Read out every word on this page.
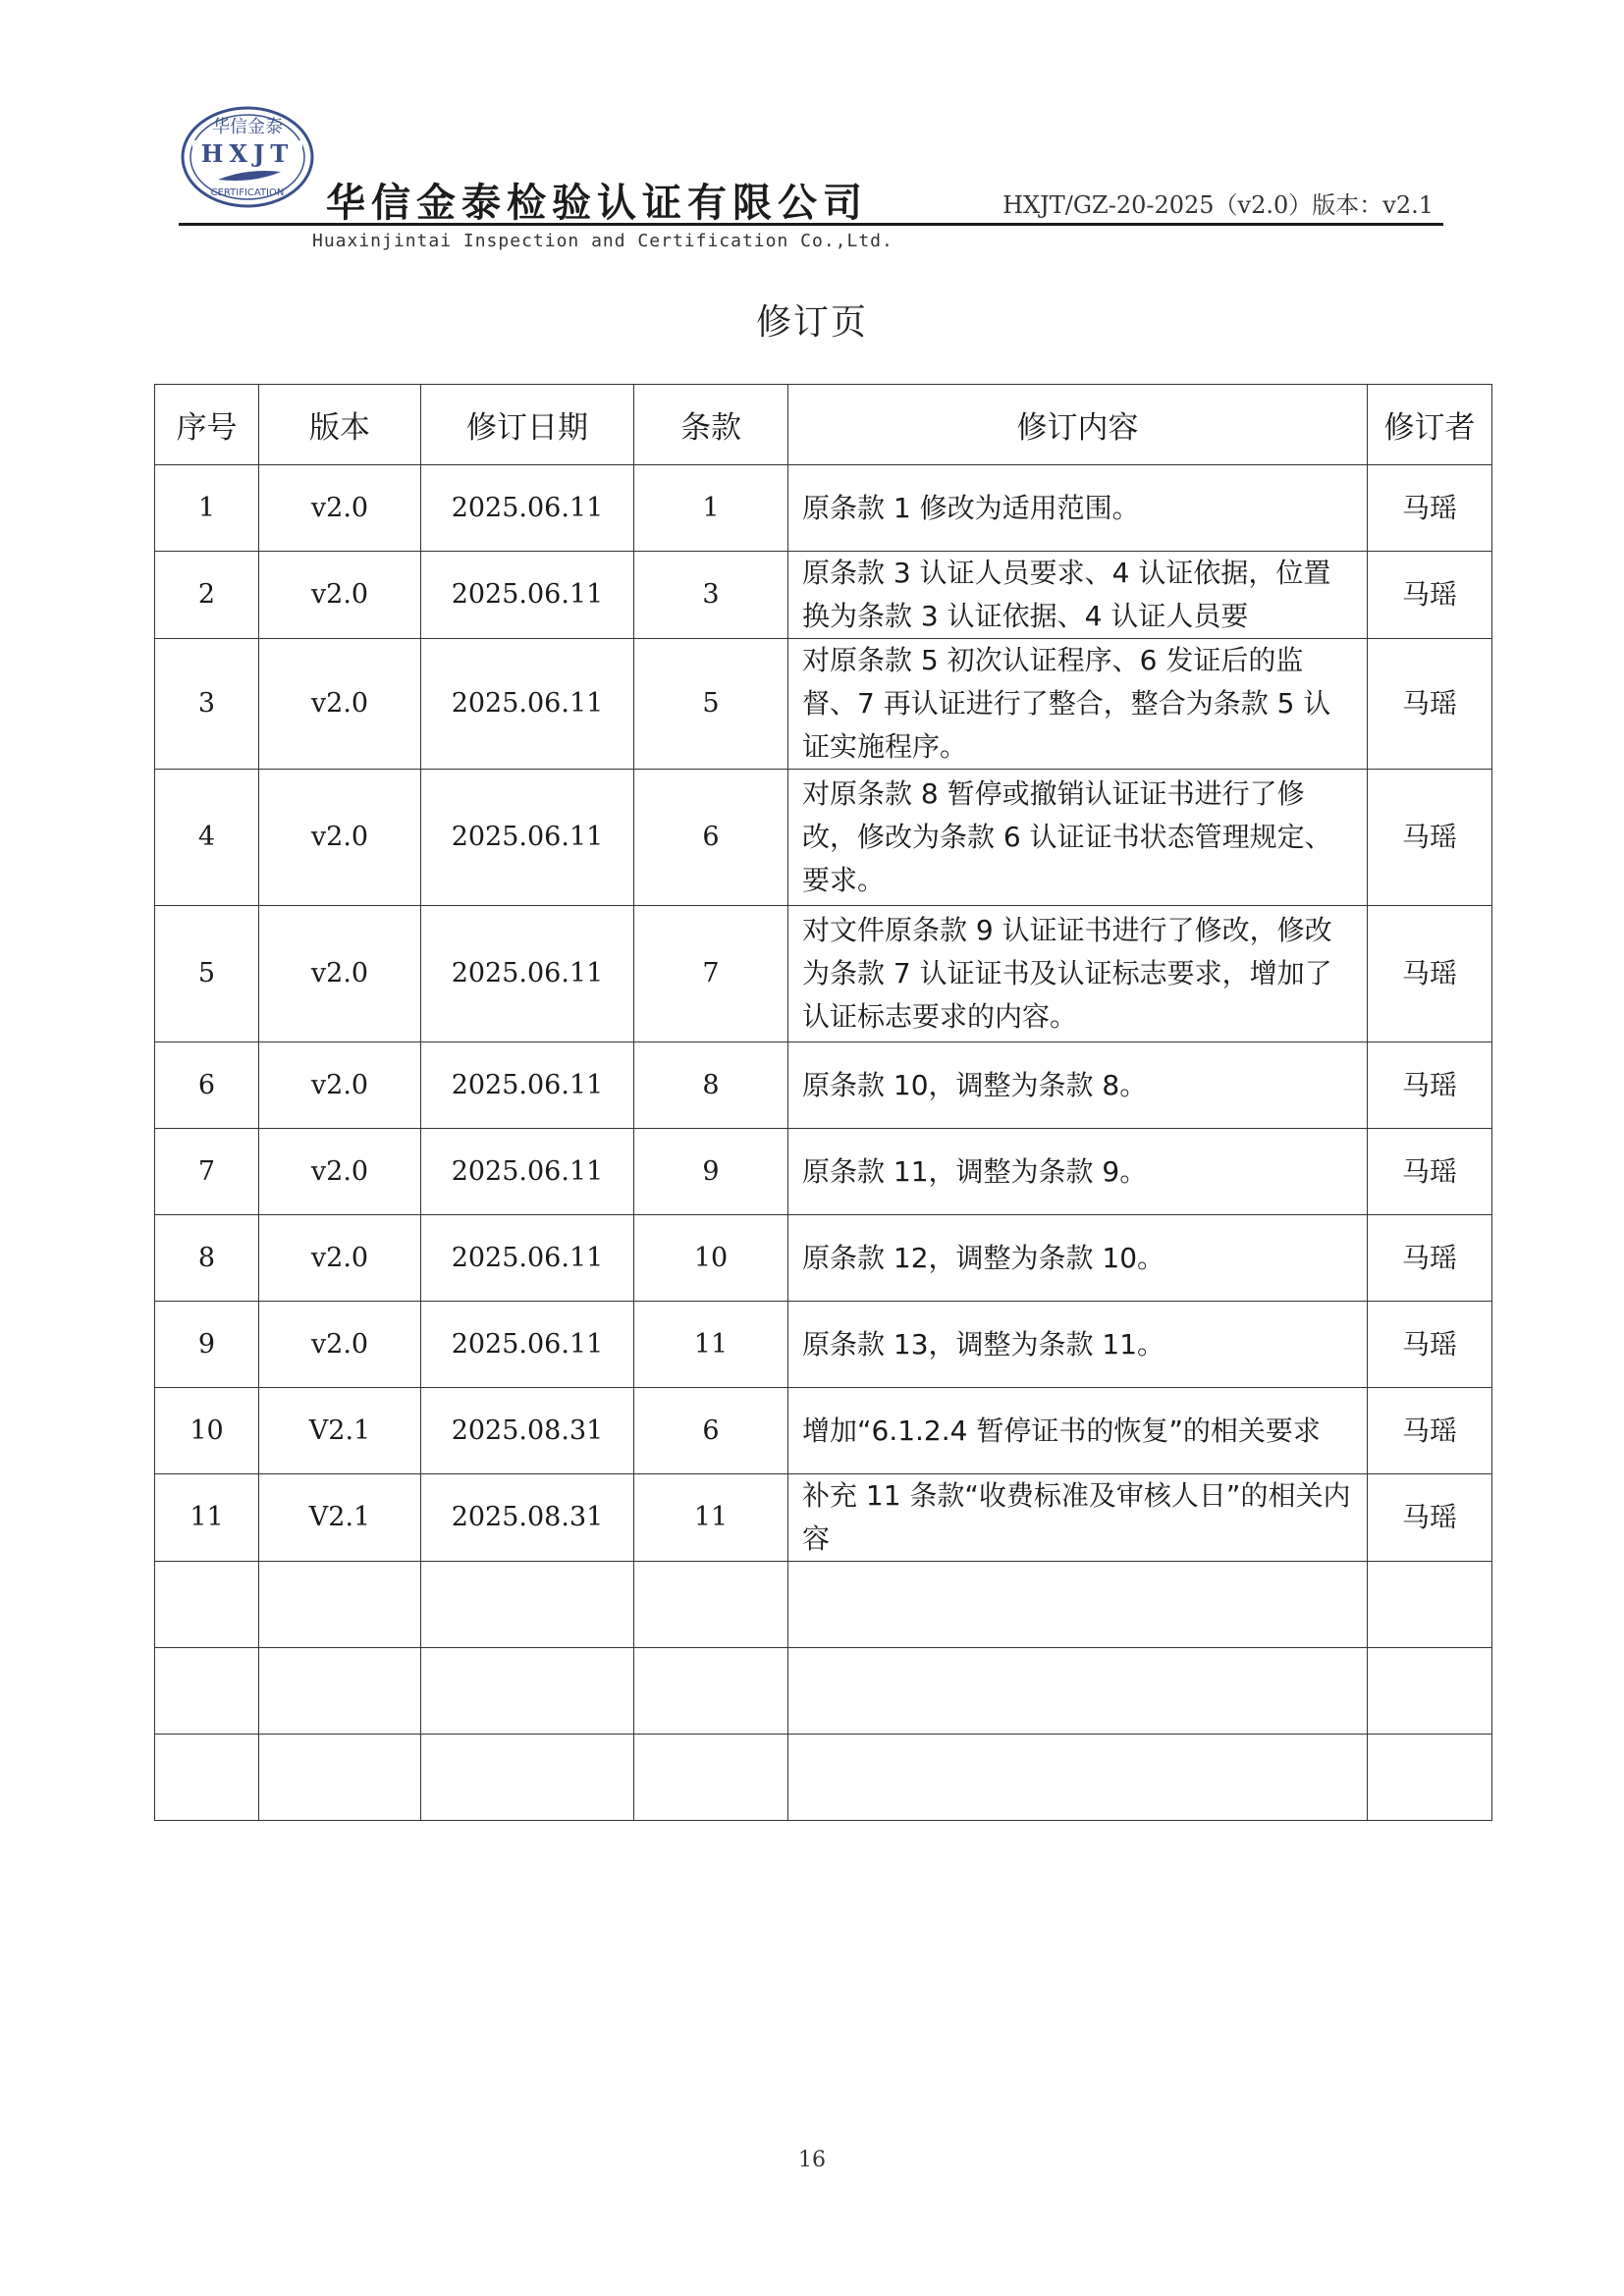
华信金泰
HXJT
CERTIFICATION 华信金泰检验认证有限公司	HXJT/GZ-20-2025（v2.0）版本：v2.1
Huaxinjintai Inspection and Certification Co.,Ltd.
修订页
序号	版本	修订日期	条款	修订内容	修订者
1	v2.0	2025.06.11	1	原条款 1 修改为适用范围。	马瑶
2	v2.0	2025.06.11	3	原条款 3 认证人员要求、4 认证依据，位置换为条款 3 认证依据、4 认证人员要	马瑶
3	v2.0	2025.06.11	5	对原条款 5 初次认证程序、6 发证后的监督、7 再认证进行了整合，整合为条款 5 认证实施程序。	马瑶
4	v2.0	2025.06.11	6	对原条款 8 暂停或撤销认证证书进行了修改，修改为条款 6 认证证书状态管理规定、要求。	马瑶
5	v2.0	2025.06.11	7	对文件原条款 9 认证证书进行了修改，修改为条款 7 认证证书及认证标志要求，增加了认证标志要求的内容。	马瑶
6	v2.0	2025.06.11	8	原条款 10，调整为条款 8。	马瑶
7	v2.0	2025.06.11	9	原条款 11，调整为条款 9。	马瑶
8	v2.0	2025.06.11	10	原条款 12，调整为条款 10。	马瑶
9	v2.0	2025.06.11	11	原条款 13，调整为条款 11。	马瑶
10	V2.1	2025.08.31	6	增加“6.1.2.4 暂停证书的恢复”的相关要求	马瑶
11	V2.1	2025.08.31	11	补充 11 条款“收费标准及审核人日”的相关内容	马瑶

16
